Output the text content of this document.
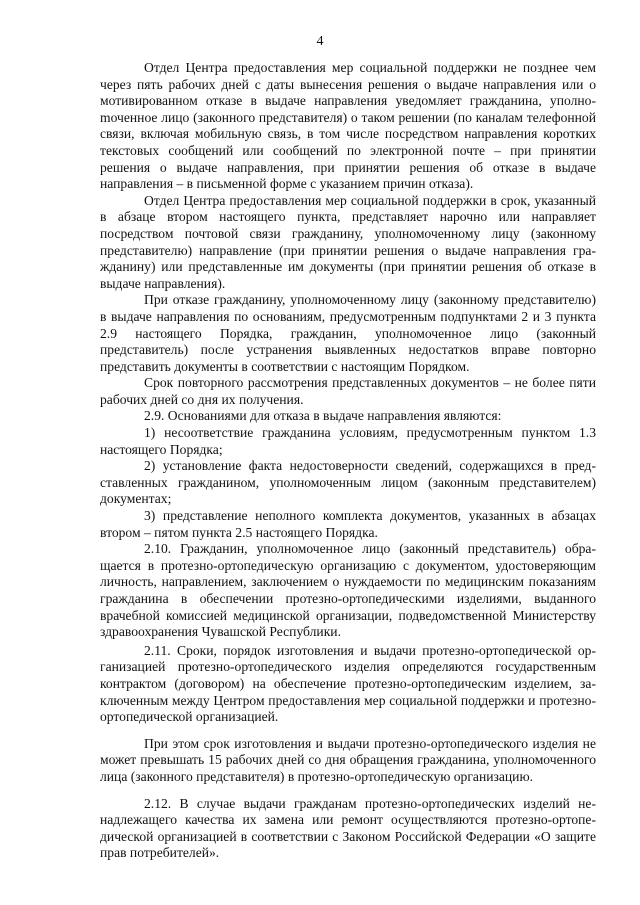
4

Отдел Центра предоставления мер социальной поддержки не позднее чем через пять рабочих дней с даты вынесения решения о выдаче направления или о мотивированном отказе в выдаче направления уведомляет гражданина, уполноmоченное лицо (законного представителя) о таком решении (по каналам телефонной связи, включая мобильную связь, в том числе посредством направления коротких текстовых сообщений или сообщений по электронной почте – при принятии решения о выдаче направления, при принятии решения об отказе в выдаче направления – в письменной форме с указанием причин отказа).

Отдел Центра предоставления мер социальной поддержки в срок, указанный в абзаце втором настоящего пункта, представляет нарочно или направляет посредством почтовой связи гражданину, уполномоченному лицу (законному представителю) направление (при принятии решения о выдаче направления гражданину) или представленные им документы (при принятии решения об отказе в выдаче направления).

При отказе гражданину, уполномоченному лицу (законному представителю) в выдаче направления по основаниям, предусмотренным подпунктами 2 и 3 пункта 2.9 настоящего Порядка, гражданин, уполномоченное лицо (законный представитель) после устранения выявленных недостатков вправе повторно представить документы в соответствии с настоящим Порядком.

Срок повторного рассмотрения представленных документов – не более пяти рабочих дней со дня их получения.

2.9. Основаниями для отказа в выдаче направления являются:

1) несоответствие гражданина условиям, предусмотренным пунктом 1.3 настоящего Порядка;

2) установление факта недостоверности сведений, содержащихся в представленных гражданином, уполномоченным лицом (законным представителем) документах;

3) представление неполного комплекта документов, указанных в абзацах втором – пятом пункта 2.5 настоящего Порядка.

2.10. Гражданин, уполномоченное лицо (законный представитель) обращается в протезно-ортопедическую организацию с документом, удостоверяющим личность, направлением, заключением о нуждаемости по медицинским показаниям гражданина в обеспечении протезно-ортопедическими изделиями, выданного врачебной комиссией медицинской организации, подведомственной Министерству здравоохранения Чувашской Республики.

2.11. Сроки, порядок изготовления и выдачи протезно-ортопедической организацией протезно-ортопедического изделия определяются государственным контрактом (договором) на обеспечение протезно-ортопедическим изделием, заключенным между Центром предоставления мер социальной поддержки и протезно-ортопедической организацией.

При этом срок изготовления и выдачи протезно-ортопедического изделия не может превышать 15 рабочих дней со дня обращения гражданина, уполномоченного лица (законного представителя) в протезно-ортопедическую организацию.

2.12. В случае выдачи гражданам протезно-ортопедических изделий ненадлежащего качества их замена или ремонт осуществляются протезно-ортопедической организацией в соответствии с Законом Российской Федерации «О защите прав потребителей».
